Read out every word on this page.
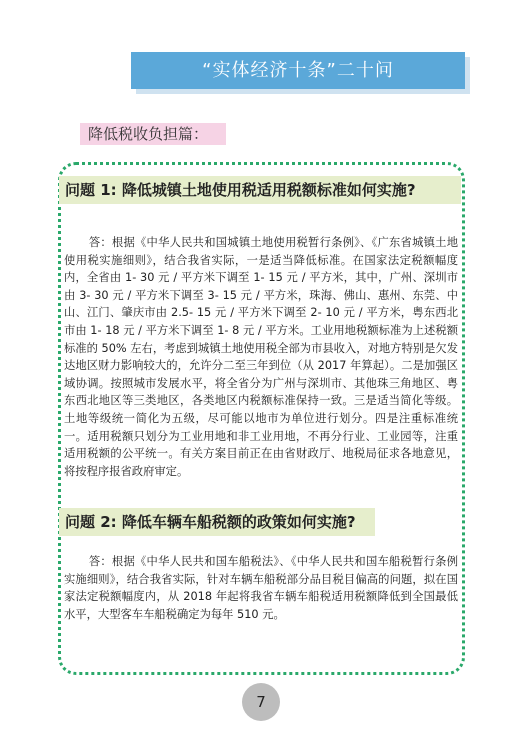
“实体经济十条”二十问
降低税收负担篇：
问题 1: 降低城镇土地使用税适用税额标准如何实施?

答：根据《中华人民共和国城镇土地使用税暂行条例》、《广东省城镇土地使用税实施细则》，结合我省实际，一是适当降低标准。在国家法定税额幅度内，全省由 1- 30 元 / 平方米下调至 1- 15 元 / 平方米，其中，广州、深圳市由 3- 30 元 / 平方米下调至 3- 15 元 / 平方米，珠海、佛山、惠州、东莞、中山、江门、肇庆市由 2.5- 15 元 / 平方米下调至 2- 10 元 / 平方米，粤东西北市由 1- 18 元 / 平方米下调至 1- 8 元 / 平方米。工业用地税额标准为上述税额标准的 50% 左右，考虑到城镇土地使用税全部为市县收入，对地方特别是欠发达地区财力影响较大的，允许分二至三年到位（从 2017 年算起）。二是加强区域协调。按照城市发展水平，将全省分为广州与深圳市、其他珠三角地区、粤东西北地区等三类地区，各类地区内税额标准保持一致。三是适当简化等级。土地等级统一简化为五级，尽可能以地市为单位进行划分。四是注重标准统一。适用税额只划分为工业用地和非工业用地，不再分行业、工业园等，注重适用税额的公平统一。有关方案目前正在由省财政厅、地税局征求各地意见，将按程序报省政府审定。

问题 2: 降低车辆车船税额的政策如何实施?

答：根据《中华人民共和国车船税法》、《中华人民共和国车船税暂行条例实施细则》，结合我省实际，针对车辆车船税部分品目税目偏高的问题，拟在国家法定税额幅度内，从 2018 年起将我省车辆车船税适用税额降低到全国最低水平，大型客车车船税确定为每年 510 元。

7
